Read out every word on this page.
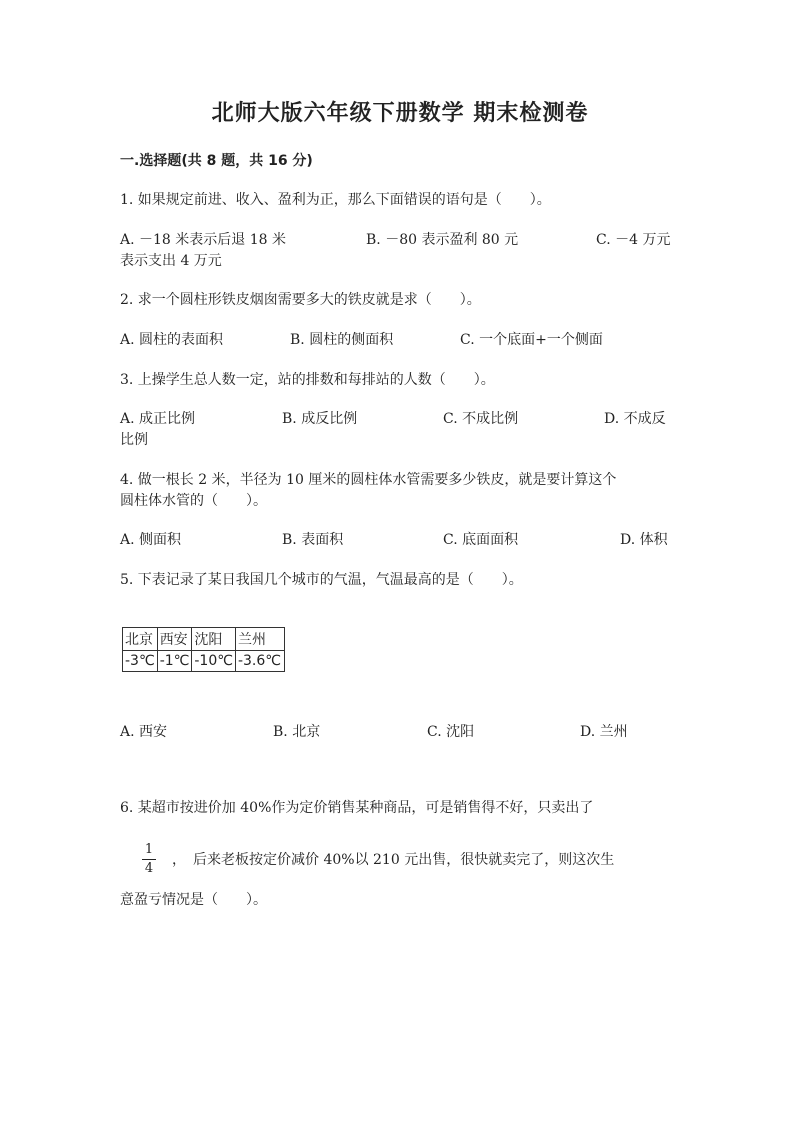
北师大版六年级下册数学 期末检测卷
一.选择题(共 8 题，共 16 分)
1. 如果规定前进、收入、盈利为正，那么下面错误的语句是（　　）。
A. －18 米表示后退 18 米	B. －80 表示盈利 80 元	C. －4 万元
表示支出 4 万元
2. 求一个圆柱形铁皮烟囱需要多大的铁皮就是求（　　）。
A. 圆柱的表面积	B. 圆柱的侧面积	C. 一个底面+一个侧面
3. 上操学生总人数一定，站的排数和每排站的人数（　　）。
A. 成正比例	B. 成反比例	C. 不成比例	D. 不成反
比例
4. 做一根长 2 米，半径为 10 厘米的圆柱体水管需要多少铁皮，就是要计算这个
圆柱体水管的（　　）。
A. 侧面积	B. 表面积	C. 底面面积	D. 体积
5. 下表记录了某日我国几个城市的气温，气温最高的是（　　）。
北京	西安	沈阳	兰州
-3℃	-1℃	-10℃	-3.6℃
A. 西安	B. 北京	C. 沈阳	D. 兰州
6. 某超市按进价加 40%作为定价销售某种商品，可是销售得不好，只卖出了
1
4
，　后来老板按定价减价 40%以 210 元出售，很快就卖完了，则这次生
意盈亏情况是（　　）。
